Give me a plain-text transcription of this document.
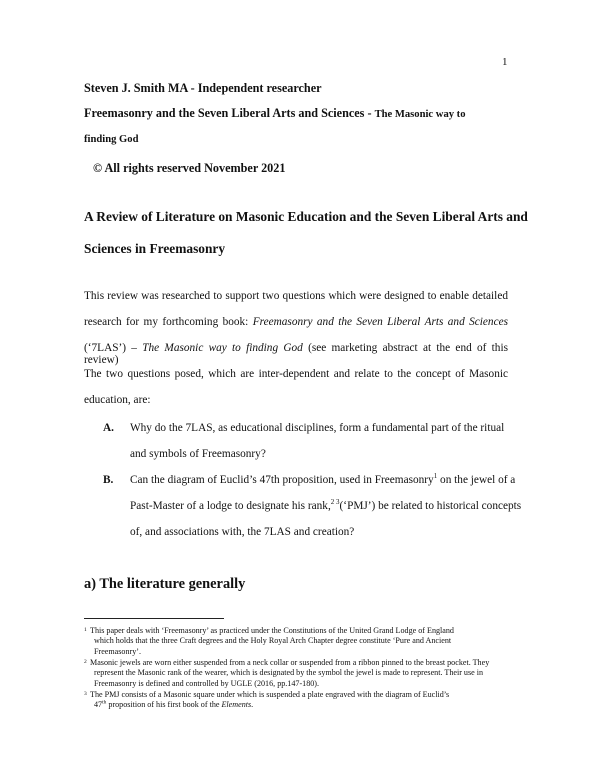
1
Steven J. Smith MA - Independent researcher
Freemasonry and the Seven Liberal Arts and Sciences - The Masonic way to
finding God
© All rights reserved November 2021
A Review of Literature on Masonic Education and the Seven Liberal Arts and
Sciences in Freemasonry
This review was researched to support two questions which were designed to enable detailed
research for my forthcoming book: Freemasonry and the Seven Liberal Arts and Sciences
(‘7LAS’) – The Masonic way to finding God (see marketing abstract at the end of this review)
The two questions posed, which are inter-dependent and relate to the concept of Masonic
education, are:
A. Why do the 7LAS, as educational disciplines, form a fundamental part of the ritual
and symbols of Freemasonry?
B. Can the diagram of Euclid’s 47th proposition, used in Freemasonry$^1$ on the jewel of a
Past-Master of a lodge to designate his rank,$^{2 3}$(‘PMJ’) be related to historical concepts
of, and associations with, the 7LAS and creation?
a) The literature generally
1 This paper deals with ‘Freemasonry’ as practiced under the Constitutions of the United Grand Lodge of England
which holds that the three Craft degrees and the Holy Royal Arch Chapter degree constitute ‘Pure and Ancient
Freemasonry’.
2 Masonic jewels are worn either suspended from a neck collar or suspended from a ribbon pinned to the breast pocket. They
represent the Masonic rank of the wearer, which is designated by the symbol the jewel is made to represent. Their use in
Freemasonry is defined and controlled by UGLE (2016, pp.147-180).
3 The PMJ consists of a Masonic square under which is suspended a plate engraved with the diagram of Euclid’s
47th proposition of his first book of the Elements.
